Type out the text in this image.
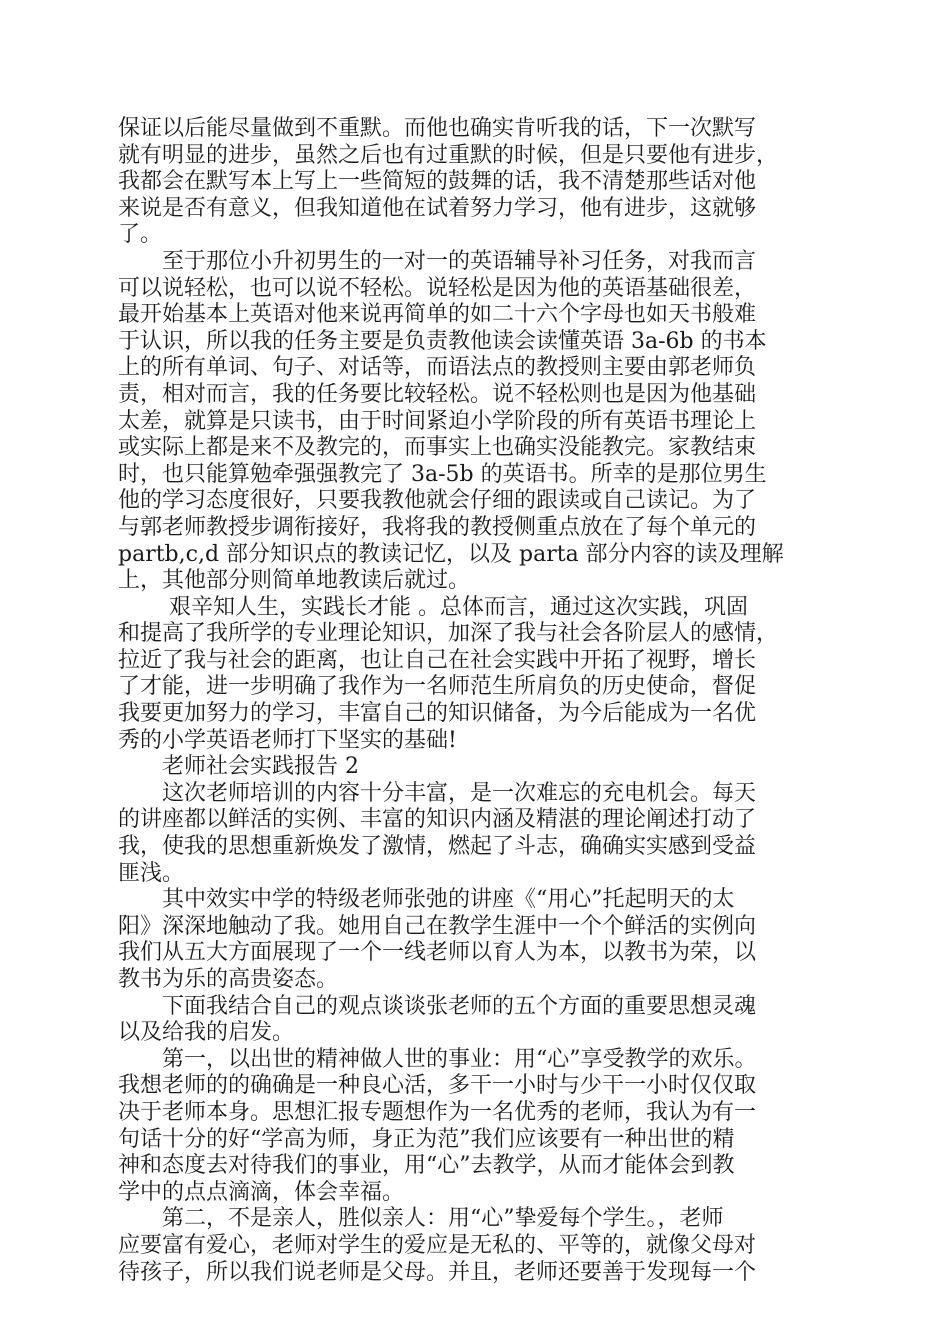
保证以后能尽量做到不重默。而他也确实肯听我的话，下一次默写
就有明显的进步，虽然之后也有过重默的时候，但是只要他有进步，
我都会在默写本上写上一些简短的鼓舞的话，我不清楚那些话对他
来说是否有意义，但我知道他在试着努力学习，他有进步，这就够
了。
　　至于那位小升初男生的一对一的英语辅导补习任务，对我而言
可以说轻松，也可以说不轻松。说轻松是因为他的英语基础很差，
最开始基本上英语对他来说再简单的如二十六个字母也如天书般难
于认识，所以我的任务主要是负责教他读会读懂英语 3a-6b 的书本
上的所有单词、句子、对话等，而语法点的教授则主要由郭老师负
责，相对而言，我的任务要比较轻松。说不轻松则也是因为他基础
太差，就算是只读书，由于时间紧迫小学阶段的所有英语书理论上
或实际上都是来不及教完的，而事实上也确实没能教完。家教结束
时，也只能算勉牵强强教完了 3a-5b 的英语书。所幸的是那位男生
他的学习态度很好，只要我教他就会仔细的跟读或自己读记。为了
与郭老师教授步调衔接好，我将我的教授侧重点放在了每个单元的
partb,c,d 部分知识点的教读记忆，以及 parta 部分内容的读及理解
上，其他部分则简单地教读后就过。
　　 艰辛知人生，实践长才能 。总体而言，通过这次实践，巩固
和提高了我所学的专业理论知识，加深了我与社会各阶层人的感情，
拉近了我与社会的距离，也让自己在社会实践中开拓了视野，增长
了才能，进一步明确了我作为一名师范生所肩负的历史使命，督促
我要更加努力的学习，丰富自己的知识储备，为今后能成为一名优
秀的小学英语老师打下坚实的基础!
　　老师社会实践报告 2
　　这次老师培训的内容十分丰富，是一次难忘的充电机会。每天
的讲座都以鲜活的实例、丰富的知识内涵及精湛的理论阐述打动了
我，使我的思想重新焕发了激情，燃起了斗志，确确实实感到受益
匪浅。
　　其中效实中学的特级老师张弛的讲座《“用心”托起明天的太
阳》深深地触动了我。她用自己在教学生涯中一个个鲜活的实例向
我们从五大方面展现了一个一线老师以育人为本，以教书为荣，以
教书为乐的高贵姿态。
　　下面我结合自己的观点谈谈张老师的五个方面的重要思想灵魂
以及给我的启发。
　　第一，以出世的精神做人世的事业：用“心”享受教学的欢乐。
我想老师的的确确是一种良心活，多干一小时与少干一小时仅仅取
决于老师本身。思想汇报专题想作为一名优秀的老师，我认为有一
句话十分的好“学高为师，身正为范”我们应该要有一种出世的精
神和态度去对待我们的事业，用“心”去教学，从而才能体会到教
学中的点点滴滴，体会幸福。
　　第二，不是亲人，胜似亲人：用“心”挚爱每个学生。，老师
应要富有爱心，老师对学生的爱应是无私的、平等的，就像父母对
待孩子，所以我们说老师是父母。并且，老师还要善于发现每一个
